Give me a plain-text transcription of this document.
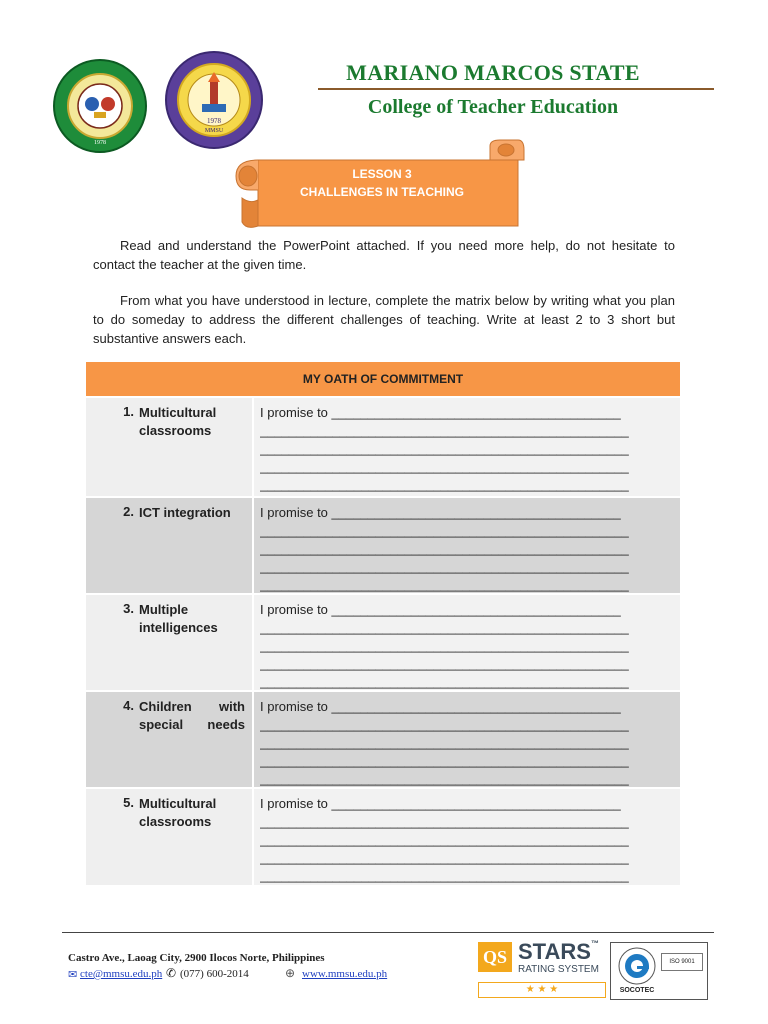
1978
1978
MMSU
MARIANO MARCOS STATE
College of Teacher Education
LESSON 3
CHALLENGES IN TEACHING
Read and understand the PowerPoint attached. If you need more help, do not hesitate to contact the teacher at the given time.
From what you have understood in lecture, complete the matrix below by writing what you plan to do someday to address the different challenges of teaching. Write at least 2 to 3 short but substantive answers each.
MY OATH OF COMMITMENT
1. Multicultural classrooms
I promise to ________________________________________
___________________________________________________
___________________________________________________
___________________________________________________
___________________________________________________
2. ICT integration	I promise to ________________________________________
___________________________________________________
___________________________________________________
___________________________________________________
___________________________________________________
3. Multiple intelligences
I promise to ________________________________________
___________________________________________________
___________________________________________________
___________________________________________________
___________________________________________________
4. Children with special needs
I promise to ________________________________________
___________________________________________________
___________________________________________________
___________________________________________________
___________________________________________________
5. Multicultural classrooms
I promise to ________________________________________
___________________________________________________
___________________________________________________
___________________________________________________
___________________________________________________
Castro Ave., Laoag City, 2900 Ilocos Norte, Philippines
✉ cte@mmsu.edu.ph ✆ (077) 600-2014	⊕ www.mmsu.edu.ph
QS STARS™
RATING SYSTEM
★ ★ ★
ISO 9001
SOCOTEC
